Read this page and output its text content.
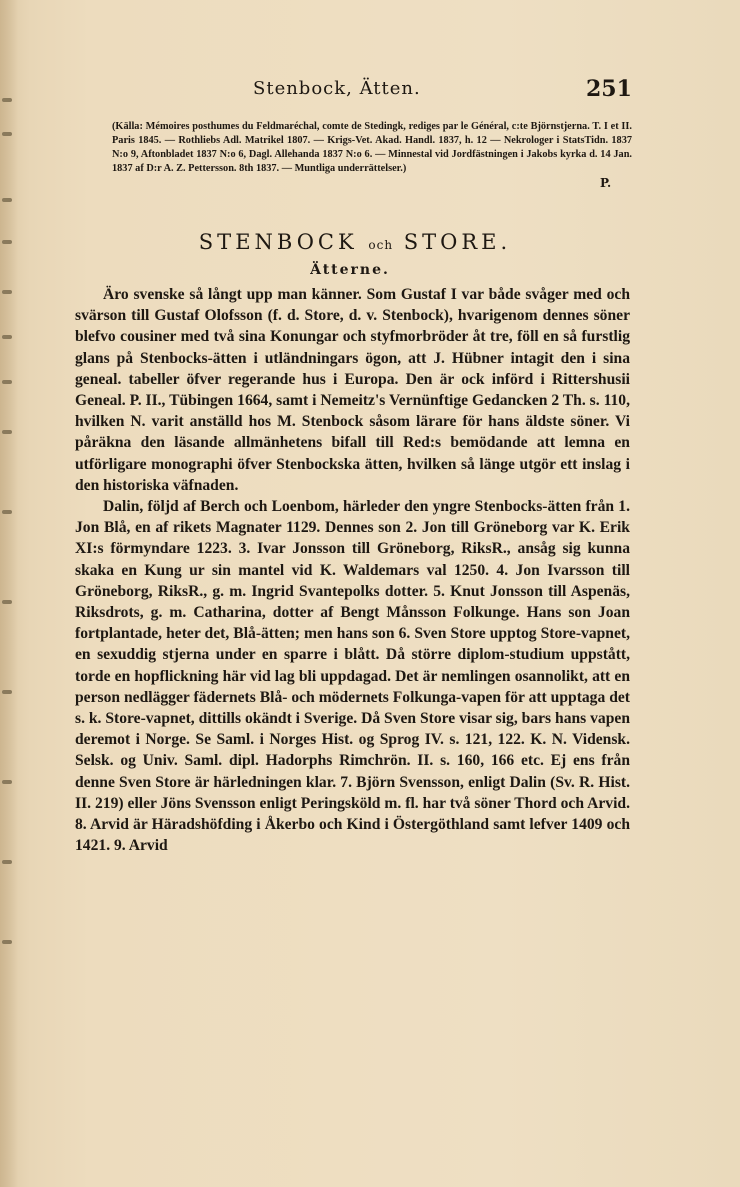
Stenbock, Ätten.	251
(Källa: Mémoires posthumes du Feldmaréchal, comte de Stedingk, rediges par le Général, c:te Björnstjerna. T. I et II. Paris 1845. — Rothliebs Adl. Matrikel 1807. — Krigs-Vet. Akad. Handl. 1837, h. 12 — Nekrologer i StatsTidn. 1837 N:o 9, Aftonbladet 1837 N:o 6, Dagl. Allehanda 1837 N:o 6. — Minnestal vid Jordfästningen i Jakobs kyrka d. 14 Jan. 1837 af D:r A. Z. Pettersson. 8th 1837. — Muntliga underrättelser.)
P.
STENBOCK och STORE.
Ätterne.

Äro svenske så långt upp man känner. Som Gustaf I var både svåger med och svärson till Gustaf Olofsson (f. d. Store, d. v. Stenbock), hvarigenom dennes söner blefvo cousiner med två sina Konungar och styfmorbröder åt tre, föll en så furstlig glans på Stenbocks-ätten i utländningars ögon, att J. Hübner intagit den i sina geneal. tabeller öfver regerande hus i Europa. Den är ock införd i Rittershusii Geneal. P. II., Tübingen 1664, samt i Nemeitz's Vernünftige Gedancken 2 Th. s. 110, hvilken N. varit anställd hos M. Stenbock såsom lärare för hans äldste söner. Vi påräkna den läsande allmänhetens bifall till Red:s bemödande att lemna en utförligare monographi öfver Stenbockska ätten, hvilken så länge utgör ett inslag i den historiska väfnaden.

Dalin, följd af Berch och Loenbom, härleder den yngre Stenbocks-ätten från 1. Jon Blå, en af rikets Magnater 1129. Dennes son 2. Jon till Gröneborg var K. Erik XI:s förmyndare 1223. 3. Ivar Jonsson till Gröneborg, RiksR., ansåg sig kunna skaka en Kung ur sin mantel vid K. Waldemars val 1250. 4. Jon Ivarsson till Gröneborg, RiksR., g. m. Ingrid Svantepolks dotter. 5. Knut Jonsson till Aspenäs, Riksdrots, g. m. Catharina, dotter af Bengt Månsson Folkunge. Hans son Joan fortplantade, heter det, Blå-ätten; men hans son 6. Sven Store upptog Store-vapnet, en sexuddig stjerna under en sparre i blått. Då större diplom-studium uppstått, torde en hopflickning här vid lag bli uppdagad. Det är nemlingen osannolikt, att en person nedlägger fädernets Blå- och mödernets Folkunga-vapen för att upptaga det s. k. Store-vapnet, dittills okändt i Sverige. Då Sven Store visar sig, bars hans vapen deremot i Norge. Se Saml. i Norges Hist. og Sprog IV. s. 121, 122. K. N. Vidensk. Selsk. og Univ. Saml. dipl. Hadorphs Rimchrön. II. s. 160, 166 etc. Ej ens från denne Sven Store är härledningen klar. 7. Björn Svensson, enligt Dalin (Sv. R. Hist. II. 219) eller Jöns Svensson enligt Peringsköld m. fl. har två söner Thord och Arvid. 8. Arvid är Häradshöfding i Åkerbo och Kind i Östergöthland samt lefver 1409 och 1421. 9. Arvid
